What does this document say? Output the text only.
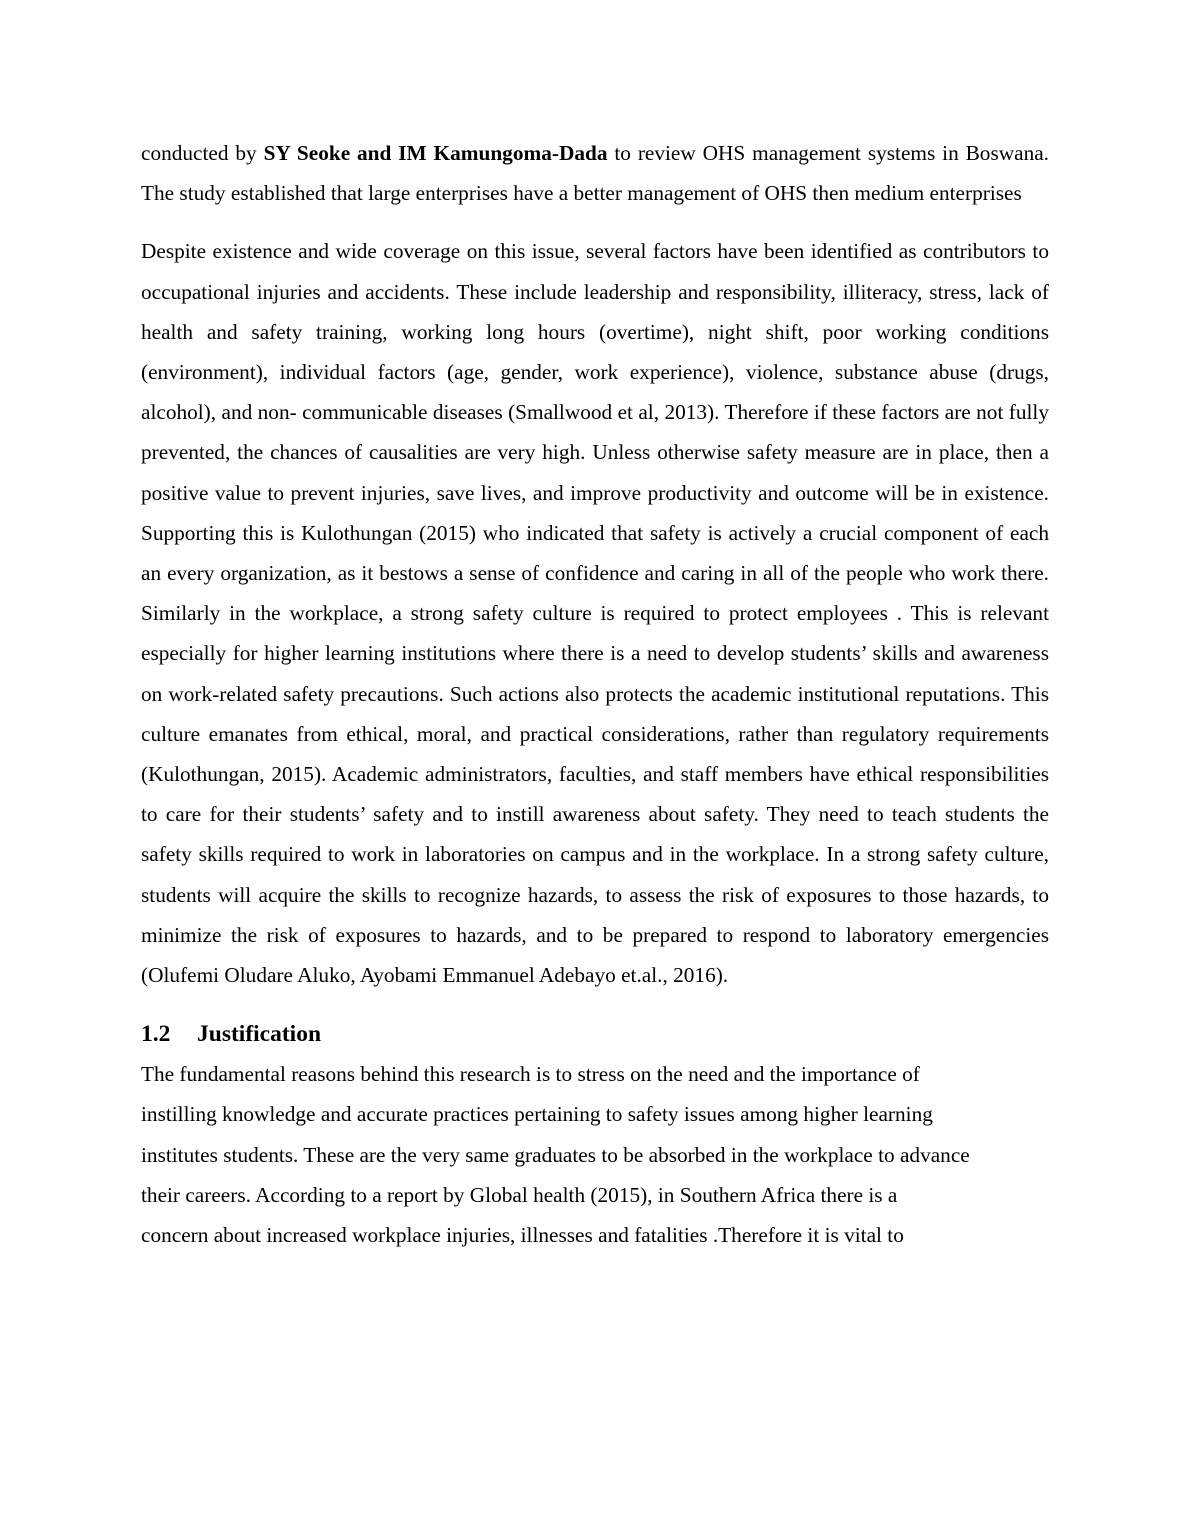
conducted by SY Seoke and IM Kamungoma-Dada to review OHS management systems in Boswana. The study established that large enterprises have a better management of OHS then medium enterprises

Despite existence and wide coverage on this issue, several factors have been identified as contributors to occupational injuries and accidents. These include leadership and responsibility, illiteracy, stress, lack of health and safety training, working long hours (overtime), night shift, poor working conditions (environment), individual factors (age, gender, work experience), violence, substance abuse (drugs, alcohol), and non- communicable diseases (Smallwood et al, 2013). Therefore if these factors are not fully prevented, the chances of causalities are very high. Unless otherwise safety measure are in place, then a positive value to prevent injuries, save lives, and improve productivity and outcome will be in existence. Supporting this is Kulothungan (2015) who indicated that safety is actively a crucial component of each an every organization, as it bestows a sense of confidence and caring in all of the people who work there. Similarly in the workplace, a strong safety culture is required to protect employees . This is relevant especially for higher learning institutions where there is a need to develop students’ skills and awareness on work-related safety precautions. Such actions also protects the academic institutional reputations. This culture emanates from ethical, moral, and practical considerations, rather than regulatory requirements (Kulothungan, 2015). Academic administrators, faculties, and staff members have ethical responsibilities to care for their students’ safety and to instill awareness about safety. They need to teach students the safety skills required to work in laboratories on campus and in the workplace. In a strong safety culture, students will acquire the skills to recognize hazards, to assess the risk of exposures to those hazards, to minimize the risk of exposures to hazards, and to be prepared to respond to laboratory emergencies (Olufemi Oludare Aluko, Ayobami Emmanuel Adebayo et.al., 2016).

1.2	Justification

The fundamental reasons behind this research is to stress on the need and the importance of

instilling knowledge and accurate practices pertaining to safety issues among higher learning

institutes students. These are the very same graduates to be absorbed in the workplace to advance

their careers. According to a report by Global health (2015), in Southern Africa there is a

concern about increased workplace injuries, illnesses and fatalities .Therefore it is vital to
